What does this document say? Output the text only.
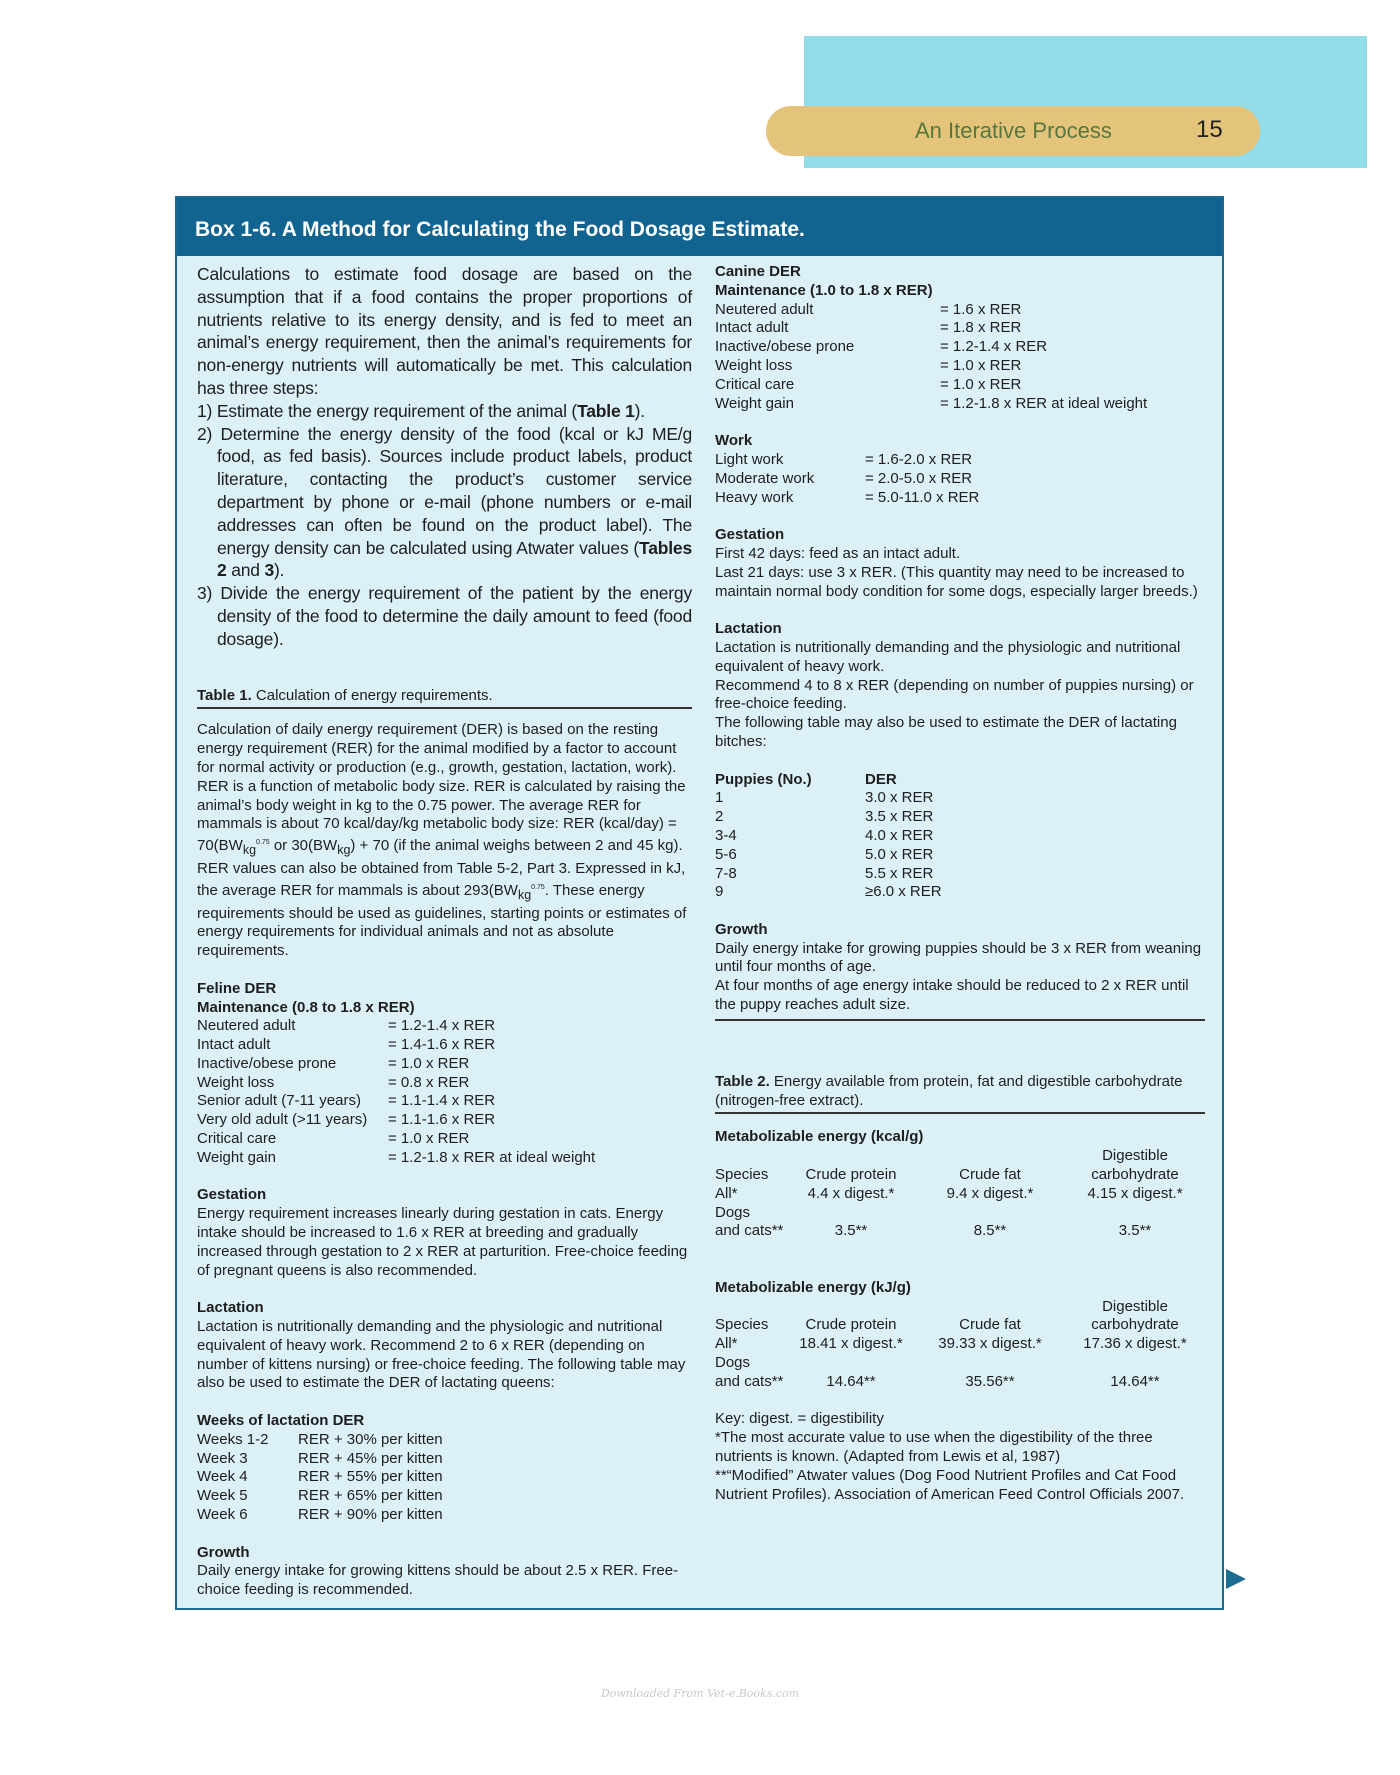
An Iterative Process	15
Box 1-6. A Method for Calculating the Food Dosage Estimate.

Calculations to estimate food dosage are based on the assumption that if a food contains the proper proportions of nutrients relative to its energy density, and is fed to meet an animal’s energy requirement, then the animal’s requirements for non-energy nutrients will automatically be met. This calculation has three steps:

1) Estimate the energy requirement of the animal (Table 1).

2) Determine the energy density of the food (kcal or kJ ME/g food, as fed basis). Sources include product labels, product literature, contacting the product’s customer service department by phone or e-mail (phone numbers or e-mail addresses can often be found on the product label). The energy density can be calculated using Atwater values (Tables 2 and 3).

3) Divide the energy requirement of the patient by the energy density of the food to determine the daily amount to feed (food dosage).

Table 1. Calculation of energy requirements.

Calculation of daily energy requirement (DER) is based on the resting energy requirement (RER) for the animal modified by a factor to account for normal activity or production (e.g., growth, gestation, lactation, work). RER is a function of metabolic body size. RER is calculated by raising the animal’s body weight in kg to the 0.75 power. The average RER for mammals is about 70 kcal/day/kg metabolic body size: RER (kcal/day) = $70(BW_{kg}^{0.75}$ or $30(BW_{kg}) + 70$ (if the animal weighs between 2 and 45 kg). RER values can also be obtained from Table 5-2, Part 3. Expressed in kJ, the average RER for mammals is about $293(BW_{kg}^{0.75}$. These energy requirements should be used as guidelines, starting points or estimates of energy requirements for individual animals and not as absolute requirements.

Feline DER

Maintenance (0.8 to 1.8 x RER)

Neutered adult	= 1.2-1.4 x RER
Intact adult	= 1.4-1.6 x RER
Inactive/obese prone	= 1.0 x RER
Weight loss	= 0.8 x RER
Senior adult (7-11 years)	= 1.1-1.4 x RER
Very old adult (>11 years)	= 1.1-1.6 x RER
Critical care	= 1.0 x RER
Weight gain	= 1.2-1.8 x RER at ideal weight

Gestation

Energy requirement increases linearly during gestation in cats. Energy intake should be increased to 1.6 x RER at breeding and gradually increased through gestation to 2 x RER at parturition. Free-choice feeding of pregnant queens is also recommended.

Lactation

Lactation is nutritionally demanding and the physiologic and nutritional equivalent of heavy work. Recommend 2 to 6 x RER (depending on number of kittens nursing) or free-choice feeding. The following table may also be used to estimate the DER of lactating queens:

Weeks of lactation DER

Weeks 1-2	RER + 30% per kitten
Week 3	RER + 45% per kitten
Week 4	RER + 55% per kitten
Week 5	RER + 65% per kitten
Week 6	RER + 90% per kitten

Growth

Daily energy intake for growing kittens should be about 2.5 x RER. Free-choice feeding is recommended.

Canine DER

Maintenance (1.0 to 1.8 x RER)

Neutered adult	= 1.6 x RER
Intact adult	= 1.8 x RER
Inactive/obese prone	= 1.2-1.4 x RER
Weight loss	= 1.0 x RER
Critical care	= 1.0 x RER
Weight gain	= 1.2-1.8 x RER at ideal weight

Work

Light work	= 1.6-2.0 x RER
Moderate work	= 2.0-5.0 x RER
Heavy work	= 5.0-11.0 x RER

Gestation

First 42 days: feed as an intact adult.

Last 21 days: use 3 x RER. (This quantity may need to be increased to maintain normal body condition for some dogs, especially larger breeds.)

Lactation

Lactation is nutritionally demanding and the physiologic and nutritional equivalent of heavy work.

Recommend 4 to 8 x RER (depending on number of puppies nursing) or free-choice feeding.

The following table may also be used to estimate the DER of lactating bitches:

Puppies (No.)	DER
1	3.0 x RER
2	3.5 x RER
3-4	4.0 x RER
5-6	5.0 x RER
7-8	5.5 x RER
9	≥6.0 x RER

Growth

Daily energy intake for growing puppies should be 3 x RER from weaning until four months of age.

At four months of age energy intake should be reduced to 2 x RER until the puppy reaches adult size.

Table 2. Energy available from protein, fat and digestible carbohydrate (nitrogen-free extract).

Metabolizable energy (kcal/g)

Digestible
Species	Crude protein	Crude fat	carbohydrate
All*	4.4 x digest.*	9.4 x digest.*	4.15 x digest.*
Dogs
and cats**	3.5**	8.5**	3.5**

Metabolizable energy (kJ/g)

Digestible
Species	Crude protein	Crude fat	carbohydrate
All*	18.41 x digest.*	39.33 x digest.*	17.36 x digest.*
Dogs
and cats**	14.64**	35.56**	14.64**

Key: digest. = digestibility

*The most accurate value to use when the digestibility of the three nutrients is known. (Adapted from Lewis et al, 1987)

**“Modified” Atwater values (Dog Food Nutrient Profiles and Cat Food Nutrient Profiles). Association of American Feed Control Officials 2007.

Downloaded From Vet-e.Books.com
